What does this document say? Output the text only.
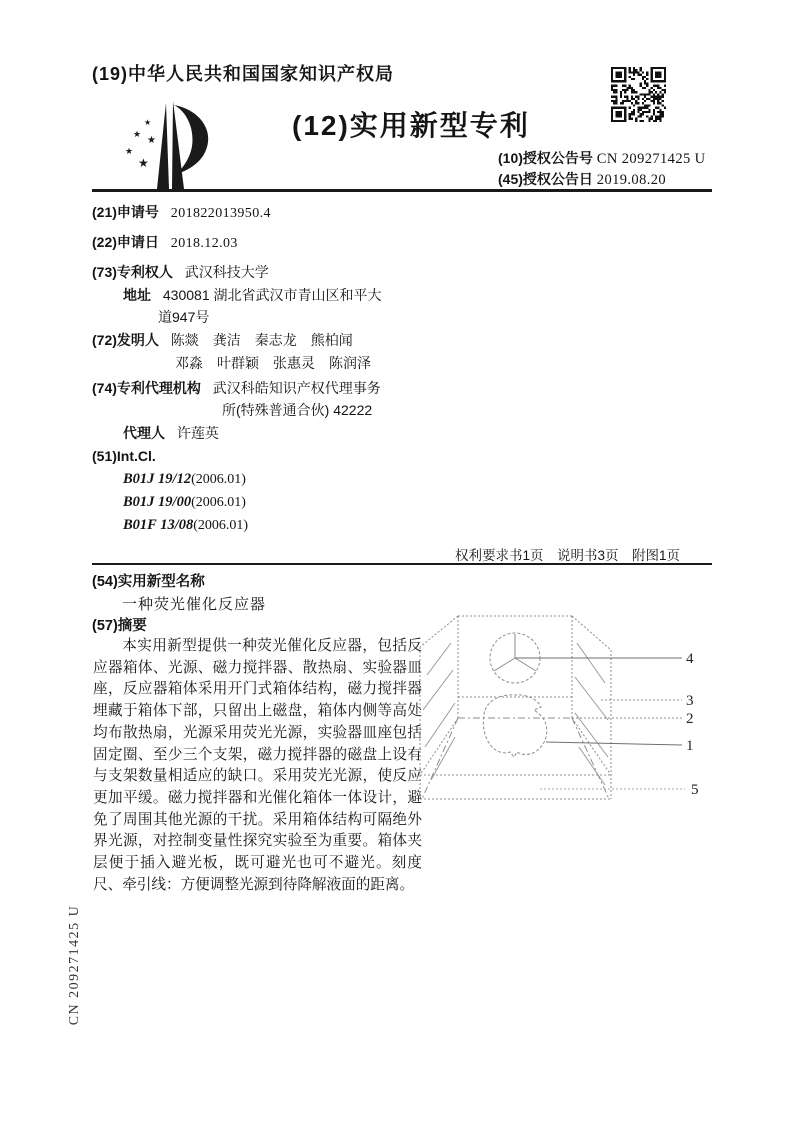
(19)中华人民共和国国家知识产权局
★
★
★
★
★
(12)实用新型专利
(10)授权公告号 CN 209271425 U
(45)授权公告日 2019.08.20
(21)申请号 201822013950.4
(22)申请日 2018.12.03
(73)专利权人 武汉科技大学
地址 430081 湖北省武汉市青山区和平大
道947号
(72)发明人 陈燚　龚洁　秦志龙　熊柏闻
邓淼　叶群颖　张惠灵　陈润泽
(74)专利代理机构 武汉科皓知识产权代理事务
所(特殊普通合伙) 42222
代理人 许莲英
(51)Int.Cl.
B01J 19/12(2006.01)
B01J 19/00(2006.01)
B01F 13/08(2006.01)
权利要求书1页　说明书3页　附图1页
(54)实用新型名称
一种荧光催化反应器
(57)摘要
本实用新型提供一种荧光催化反应器，包括反应器箱体、光源、磁力搅拌器、散热扇、实验器皿座，反应器箱体采用开门式箱体结构，磁力搅拌器埋藏于箱体下部，只留出上磁盘，箱体内侧等高处均布散热扇，光源采用荧光光源，实验器皿座包括固定圈、至少三个支架，磁力搅拌器的磁盘上设有与支架数量相适应的缺口。采用荧光光源，使反应更加平缓。磁力搅拌器和光催化箱体一体设计，避免了周围其他光源的干扰。采用箱体结构可隔绝外界光源，对控制变量性探究实验至为重要。箱体夹层便于插入避光板，既可避光也可不避光。刻度尺、牵引线：方便调整光源到待降解液面的距离。
4
3
2
1
5
CN 209271425 U
